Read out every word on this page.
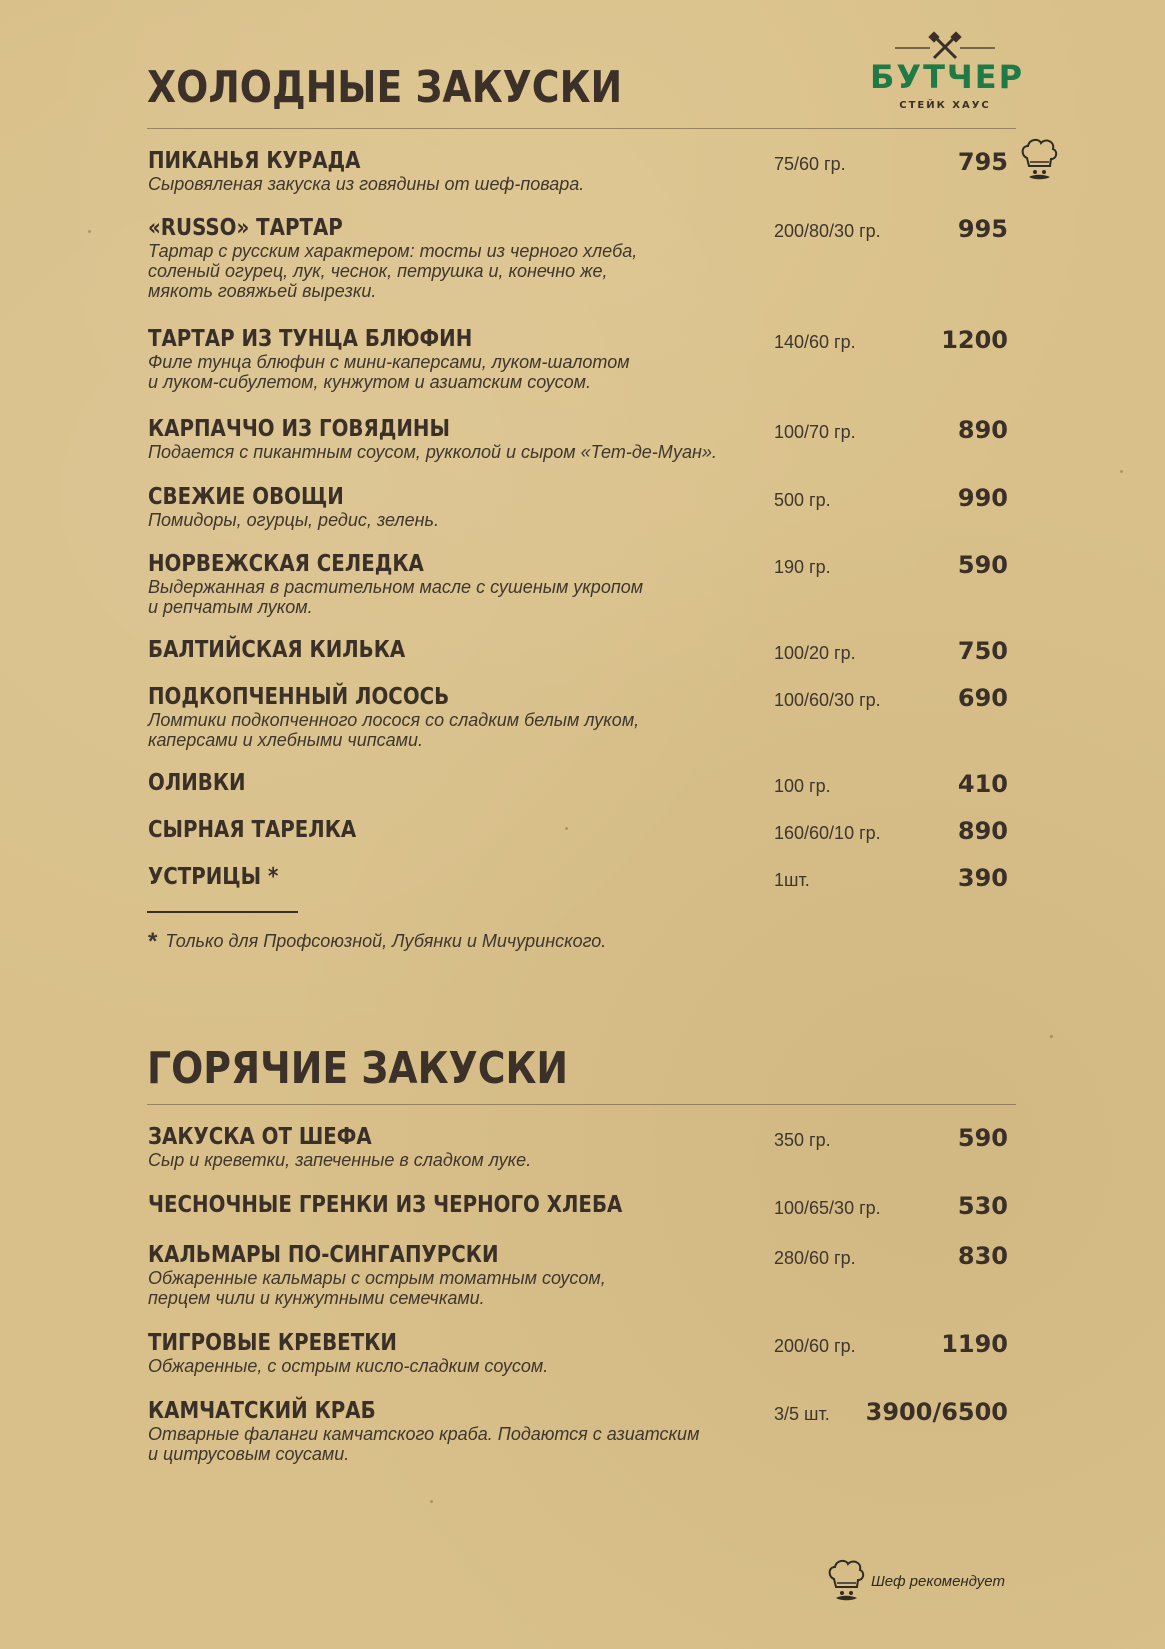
БУТЧЕР
СТЕЙК ХАУС
ХОЛОДНЫЕ ЗАКУСКИ
ПИКАНЬЯ КУРАДА
Сыровяленая закуска из говядины от шеф-повара.
75/60 гр.	795
«RUSSO» ТАРТАР
Тартар с русским характером: тосты из черного хлеба,
соленый огурец, лук, чеснок, петрушка и, конечно же,
мякоть говяжьей вырезки.
200/80/30 гр.	995
ТАРТАР ИЗ ТУНЦА БЛЮФИН
Филе тунца блюфин с мини-каперсами, луком-шалотом
и луком-сибулетом, кунжутом и азиатским соусом.
140/60 гр.	1200
КАРПАЧЧО ИЗ ГОВЯДИНЫ
Подается с пикантным соусом, рукколой и сыром «Тет-де-Муан».
100/70 гр.	890
СВЕЖИЕ ОВОЩИ
Помидоры, огурцы, редис, зелень.
500 гр.	990
НОРВЕЖСКАЯ СЕЛЕДКА
Выдержанная в растительном масле с сушеным укропом
и репчатым луком.
190 гр.	590
БАЛТИЙСКАЯ КИЛЬКА	100/20 гр.	750
ПОДКОПЧЕННЫЙ ЛОСОСЬ
Ломтики подкопченного лосося со сладким белым луком,
каперсами и хлебными чипсами.
100/60/30 гр.	690
ОЛИВКИ	100 гр.	410
СЫРНАЯ ТАРЕЛКА	160/60/10 гр.	890
УСТРИЦЫ *	1шт.	390
* Только для Профсоюзной, Лубянки и Мичуринского.
ГОРЯЧИЕ ЗАКУСКИ
ЗАКУСКА ОТ ШЕФА
Сыр и креветки, запеченные в сладком луке.
350 гр.	590
ЧЕСНОЧНЫЕ ГРЕНКИ ИЗ ЧЕРНОГО ХЛЕБА	100/65/30 гр.	530
КАЛЬМАРЫ ПО-СИНГАПУРСКИ
Обжаренные кальмары с острым томатным соусом,
перцем чили и кунжутными семечками.
280/60 гр.	830
ТИГРОВЫЕ КРЕВЕТКИ
Обжаренные, с острым кисло-сладким соусом.
200/60 гр.	1190
КАМЧАТСКИЙ КРАБ
Отварные фаланги камчатского краба. Подаются с азиатским
и цитрусовым соусами.
3/5 шт. 3900/6500
Шеф рекомендует
